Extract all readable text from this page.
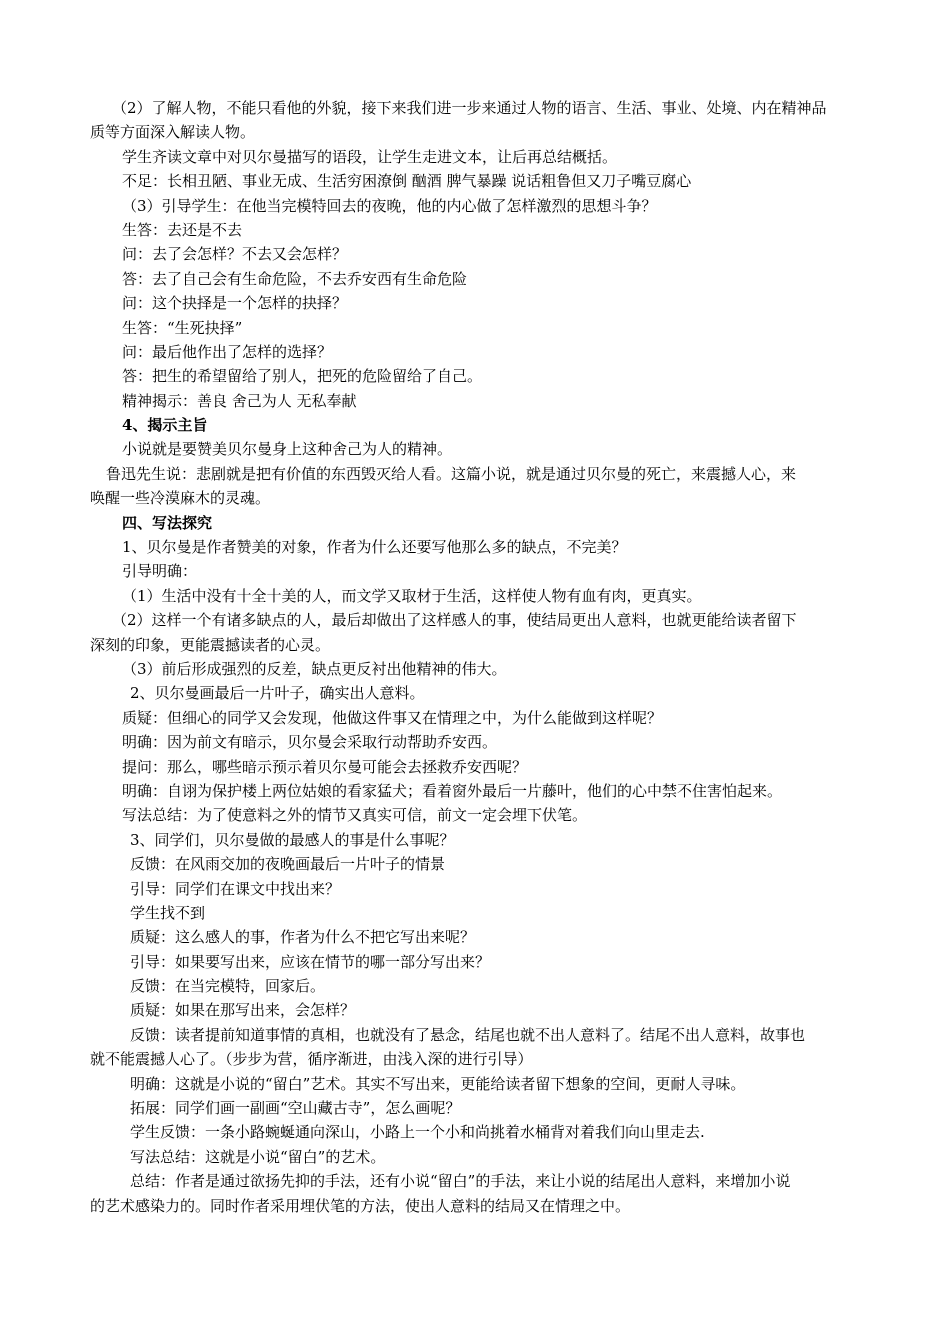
（2）了解人物，不能只看他的外貌，接下来我们进一步来通过人物的语言、生活、事业、处境、内在精神品
质等方面深入解读人物。
学生齐读文章中对贝尔曼描写的语段，让学生走进文本，让后再总结概括。
不足：长相丑陋、事业无成、生活穷困潦倒 酗酒 脾气暴躁 说话粗鲁但又刀子嘴豆腐心
（3）引导学生：在他当完模特回去的夜晚，他的内心做了怎样激烈的思想斗争？
生答：去还是不去
问：去了会怎样？不去又会怎样？
答：去了自己会有生命危险，不去乔安西有生命危险
问：这个抉择是一个怎样的抉择？
生答：“生死抉择”
问：最后他作出了怎样的选择？
答：把生的希望留给了别人，把死的危险留给了自己。
精神揭示：善良 舍己为人 无私奉献
4、揭示主旨
小说就是要赞美贝尔曼身上这种舍己为人的精神。
鲁迅先生说：悲剧就是把有价值的东西毁灭给人看。这篇小说，就是通过贝尔曼的死亡，来震撼人心，来
唤醒一些冷漠麻木的灵魂。
四、写法探究
1、贝尔曼是作者赞美的对象，作者为什么还要写他那么多的缺点，不完美？
引导明确：
（1）生活中没有十全十美的人，而文学又取材于生活，这样使人物有血有肉，更真实。
（2）这样一个有诸多缺点的人，最后却做出了这样感人的事，使结局更出人意料，也就更能给读者留下
深刻的印象，更能震撼读者的心灵。
（3）前后形成强烈的反差，缺点更反衬出他精神的伟大。
2、贝尔曼画最后一片叶子，确实出人意料。
质疑：但细心的同学又会发现，他做这件事又在情理之中，为什么能做到这样呢？
明确：因为前文有暗示，贝尔曼会采取行动帮助乔安西。
提问：那么，哪些暗示预示着贝尔曼可能会去拯救乔安西呢？
明确：自诩为保护楼上两位姑娘的看家猛犬；看着窗外最后一片藤叶，他们的心中禁不住害怕起来。
写法总结：为了使意料之外的情节又真实可信，前文一定会埋下伏笔。
3、同学们，贝尔曼做的最感人的事是什么事呢？
反馈：在风雨交加的夜晚画最后一片叶子的情景
引导：同学们在课文中找出来？
学生找不到
质疑：这么感人的事，作者为什么不把它写出来呢？
引导：如果要写出来，应该在情节的哪一部分写出来？
反馈：在当完模特，回家后。
质疑：如果在那写出来，会怎样？
反馈：读者提前知道事情的真相，也就没有了悬念，结尾也就不出人意料了。结尾不出人意料，故事也
就不能震撼人心了。（步步为营，循序渐进，由浅入深的进行引导）
明确：这就是小说的“留白”艺术。其实不写出来，更能给读者留下想象的空间，更耐人寻味。
拓展：同学们画一副画“空山藏古寺”，怎么画呢？
学生反馈：一条小路蜿蜒通向深山，小路上一个小和尚挑着水桶背对着我们向山里走去.
写法总结：这就是小说“留白”的艺术。
总结：作者是通过欲扬先抑的手法，还有小说“留白”的手法，来让小说的结尾出人意料，来增加小说
的艺术感染力的。同时作者采用埋伏笔的方法，使出人意料的结局又在情理之中。
